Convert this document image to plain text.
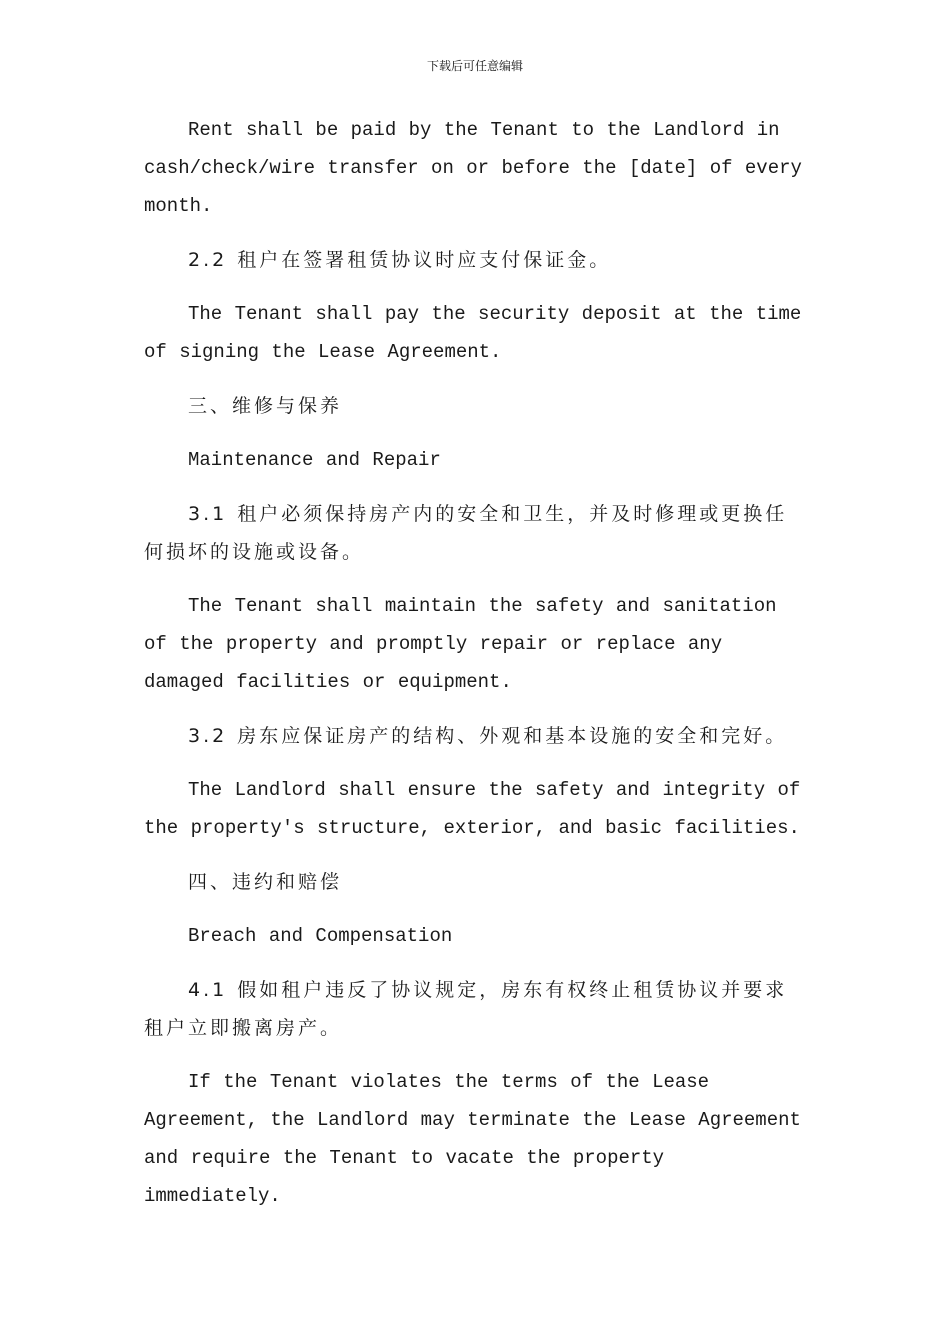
下载后可任意编辑

Rent shall be paid by the Tenant to the Landlord in cash/check/wire transfer on or before the [date] of every month.

2.2 租户在签署租赁协议时应支付保证金。

The Tenant shall pay the security deposit at the time of signing the Lease Agreement.

三、维修与保养

Maintenance and Repair

3.1 租户必须保持房产内的安全和卫生，并及时修理或更换任何损坏的设施或设备。

The Tenant shall maintain the safety and sanitation of the property and promptly repair or replace any damaged facilities or equipment.

3.2 房东应保证房产的结构、外观和基本设施的安全和完好。

The Landlord shall ensure the safety and integrity of the property's structure, exterior, and basic facilities.

四、违约和赔偿

Breach and Compensation

4.1 假如租户违反了协议规定，房东有权终止租赁协议并要求租户立即搬离房产。

If the Tenant violates the terms of the Lease Agreement, the Landlord may terminate the Lease Agreement and require the Tenant to vacate the property immediately.
